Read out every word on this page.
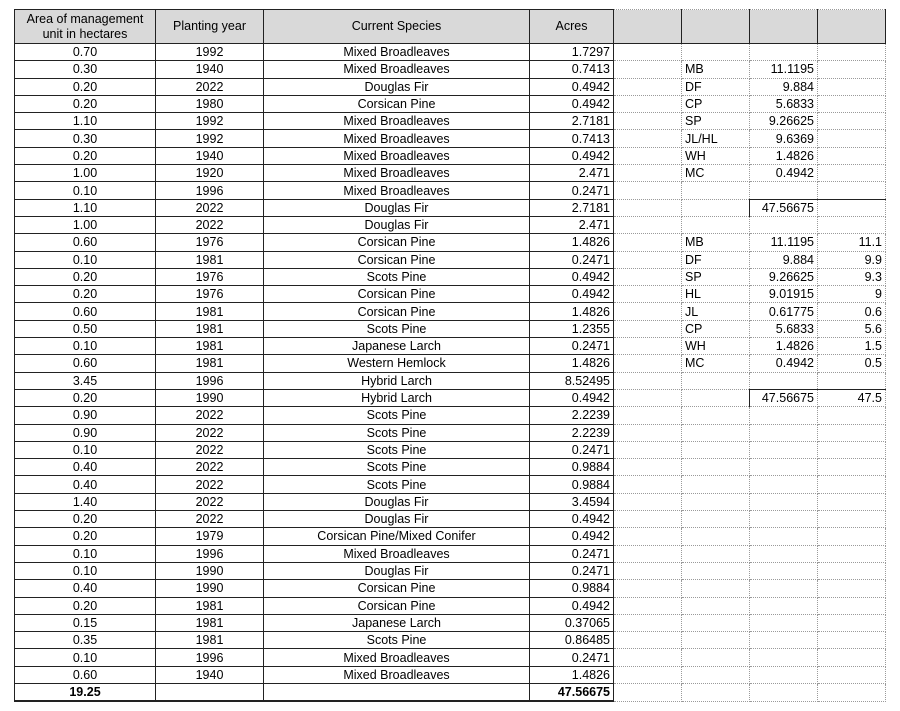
Area of management unit in hectares	Planting year	Current Species	Acres				
0.70	1992	Mixed Broadleaves	1.7297				
0.30	1940	Mixed Broadleaves	0.7413		MB	11.1195	
0.20	2022	Douglas Fir	0.4942		DF	9.884	
0.20	1980	Corsican Pine	0.4942		CP	5.6833	
1.10	1992	Mixed Broadleaves	2.7181		SP	9.26625	
0.30	1992	Mixed Broadleaves	0.7413		JL/HL	9.6369	
0.20	1940	Mixed Broadleaves	0.4942		WH	1.4826	
1.00	1920	Mixed Broadleaves	2.471		MC	0.4942	
0.10	1996	Mixed Broadleaves	0.2471				
1.10	2022	Douglas Fir	2.7181			47.56675	
1.00	2022	Douglas Fir	2.471				
0.60	1976	Corsican Pine	1.4826		MB	11.1195	11.1
0.10	1981	Corsican Pine	0.2471		DF	9.884	9.9
0.20	1976	Scots Pine	0.4942		SP	9.26625	9.3
0.20	1976	Corsican Pine	0.4942		HL	9.01915	9
0.60	1981	Corsican Pine	1.4826		JL	0.61775	0.6
0.50	1981	Scots Pine	1.2355		CP	5.6833	5.6
0.10	1981	Japanese Larch	0.2471		WH	1.4826	1.5
0.60	1981	Western Hemlock	1.4826		MC	0.4942	0.5
3.45	1996	Hybrid Larch	8.52495				
0.20	1990	Hybrid Larch	0.4942			47.56675	47.5
0.90	2022	Scots Pine	2.2239				
0.90	2022	Scots Pine	2.2239				
0.10	2022	Scots Pine	0.2471				
0.40	2022	Scots Pine	0.9884				
0.40	2022	Scots Pine	0.9884				
1.40	2022	Douglas Fir	3.4594				
0.20	2022	Douglas Fir	0.4942				
0.20	1979	Corsican Pine/Mixed Conifer	0.4942				
0.10	1996	Mixed Broadleaves	0.2471				
0.10	1990	Douglas Fir	0.2471				
0.40	1990	Corsican Pine	0.9884				
0.20	1981	Corsican Pine	0.4942				
0.15	1981	Japanese Larch	0.37065				
0.35	1981	Scots Pine	0.86485				
0.10	1996	Mixed Broadleaves	0.2471				
0.60	1940	Mixed Broadleaves	1.4826				
19.25			47.56675				
